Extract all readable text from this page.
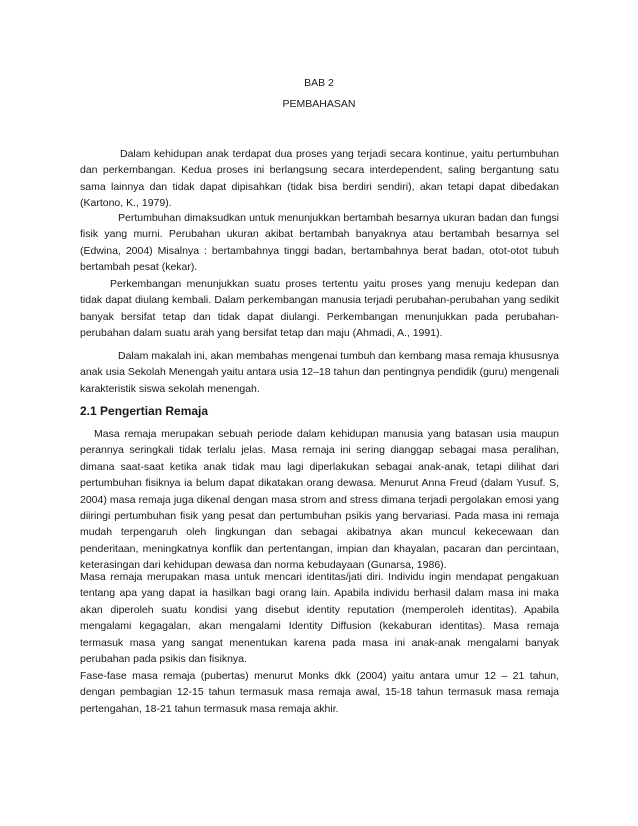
BAB 2
PEMBAHASAN

Dalam kehidupan anak terdapat dua proses yang terjadi secara kontinue, yaitu pertumbuhan dan perkembangan. Kedua proses ini berlangsung secara interdependent, saling bergantung satu sama lainnya dan tidak dapat dipisahkan (tidak bisa berdiri sendiri), akan tetapi dapat dibedakan (Kartono, K., 1979).

Pertumbuhan dimaksudkan untuk menunjukkan bertambah besarnya ukuran badan dan fungsi fisik yang murni. Perubahan ukuran akibat bertambah banyaknya atau bertambah besarnya sel (Edwina, 2004) Misalnya : bertambahnya tinggi badan, bertambahnya berat badan, otot-otot tubuh bertambah pesat (kekar).

Perkembangan menunjukkan suatu proses tertentu yaitu proses yang menuju kedepan dan tidak dapat diulang kembali. Dalam perkembangan manusia terjadi perubahan-perubahan yang sedikit banyak bersifat tetap dan tidak dapat diulangi. Perkembangan menunjukkan pada perubahan-perubahan dalam suatu arah yang bersifat tetap dan maju (Ahmadi, A., 1991).

Dalam makalah ini, akan membahas mengenai tumbuh dan kembang masa remaja khususnya anak usia Sekolah Menengah yaitu antara usia 12–18 tahun dan pentingnya pendidik (guru) mengenali karakteristik siswa sekolah menengah.

2.1 Pengertian Remaja

Masa remaja merupakan sebuah periode dalam kehidupan manusia yang batasan usia maupun perannya seringkali tidak terlalu jelas. Masa remaja ini sering dianggap sebagai masa peralihan, dimana saat-saat ketika anak tidak mau lagi diperlakukan sebagai anak-anak, tetapi dilihat dari pertumbuhan fisiknya ia belum dapat dikatakan orang dewasa. Menurut Anna Freud (dalam Yusuf. S, 2004) masa remaja juga dikenal dengan masa strom and stress dimana terjadi pergolakan emosi yang diiringi pertumbuhan fisik yang pesat dan pertumbuhan psikis yang bervariasi. Pada masa ini remaja mudah terpengaruh oleh lingkungan dan sebagai akibatnya akan muncul kekecewaan dan penderitaan, meningkatnya konflik dan pertentangan, impian dan khayalan, pacaran dan percintaan, keterasingan dari kehidupan dewasa dan norma kebudayaan (Gunarsa, 1986).

Masa remaja merupakan masa untuk mencari identitas/jati diri. Individu ingin mendapat pengakuan tentang apa yang dapat ia hasilkan bagi orang lain. Apabila individu berhasil dalam masa ini maka akan diperoleh suatu kondisi yang disebut identity reputation (memperoleh identitas). Apabila mengalami kegagalan, akan mengalami Identity Diffusion (kekaburan identitas). Masa remaja termasuk masa yang sangat menentukan karena pada masa ini anak-anak mengalami banyak perubahan pada psikis dan fisiknya.

Fase-fase masa remaja (pubertas) menurut Monks dkk (2004) yaitu antara umur 12 – 21 tahun, dengan pembagian 12-15 tahun termasuk masa remaja awal, 15-18 tahun termasuk masa remaja pertengahan, 18-21 tahun termasuk masa remaja akhir.
